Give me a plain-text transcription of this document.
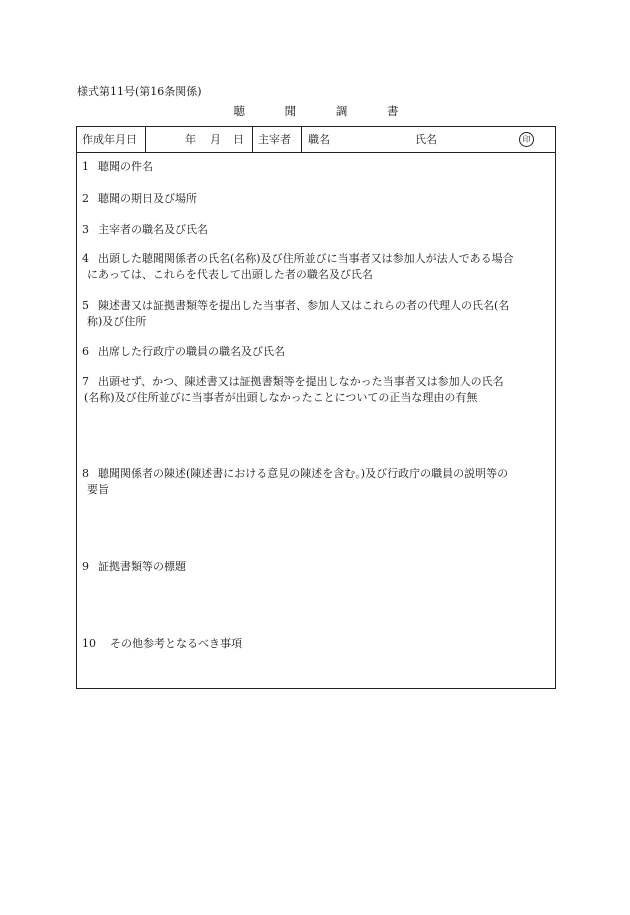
様式第11号(第16条関係)
聴	聞	調	書
作成年月日	年 月 日 主宰者 職名	氏名	印
1 聴聞の件名
2 聴聞の期日及び場所
3 主宰者の職名及び氏名
4 出頭した聴聞関係者の氏名(名称)及び住所並びに当事者又は参加人が法人である場合
にあっては、これらを代表して出頭した者の職名及び氏名
5 陳述書又は証拠書類等を提出した当事者、参加人又はこれらの者の代理人の氏名(名
称)及び住所
6 出席した行政庁の職員の職名及び氏名
7 出頭せず、かつ、陳述書又は証拠書類等を提出しなかった当事者又は参加人の氏名
(名称)及び住所並びに当事者が出頭しなかったことについての正当な理由の有無
8 聴聞関係者の陳述(陳述書における意見の陳述を含む。)及び行政庁の職員の説明等の
要旨
9 証拠書類等の標題
10 その他参考となるべき事項
